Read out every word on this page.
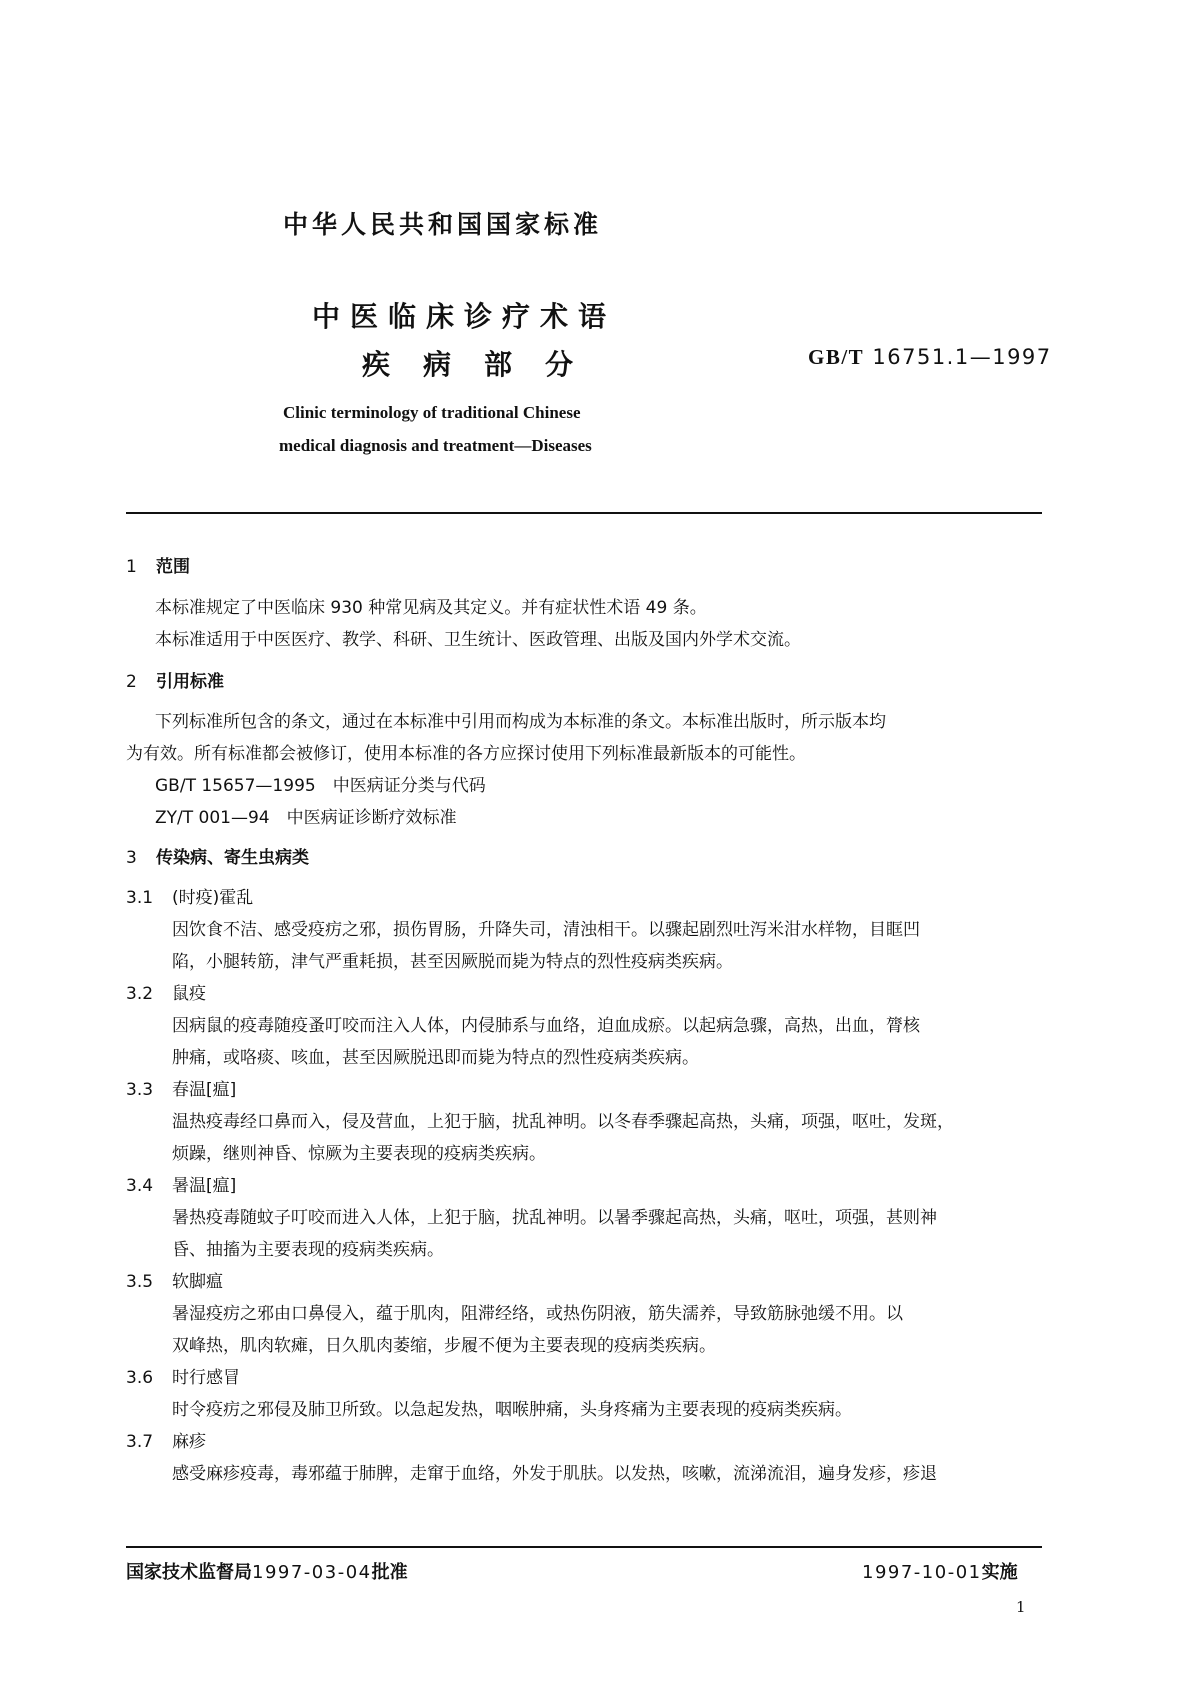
中华人民共和国国家标准
中医临床诊疗术语
疾病部分	GB/T 16751.1—1997
Clinic terminology of traditional Chinese
medical diagnosis and treatment—Diseases
1 范围
本标准规定了中医临床 930 种常见病及其定义。并有症状性术语 49 条。
本标准适用于中医医疗、教学、科研、卫生统计、医政管理、出版及国内外学术交流。
2 引用标准
下列标准所包含的条文，通过在本标准中引用而构成为本标准的条文。本标准出版时，所示版本均
为有效。所有标准都会被修订，使用本标准的各方应探讨使用下列标准最新版本的可能性。
GB/T 15657—1995　中医病证分类与代码
ZY/T 001—94　中医病证诊断疗效标准
3 传染病、寄生虫病类
3.1 (时疫)霍乱
因饮食不洁、感受疫疠之邪，损伤胃肠，升降失司，清浊相干。以骤起剧烈吐泻米泔水样物，目眶凹
陷，小腿转筋，津气严重耗损，甚至因厥脱而毙为特点的烈性疫病类疾病。
3.2 鼠疫
因病鼠的疫毒随疫蚤叮咬而注入人体，内侵肺系与血络，迫血成瘀。以起病急骤，高热，出血，膂核
肿痛，或咯痰、咳血，甚至因厥脱迅即而毙为特点的烈性疫病类疾病。
3.3 春温[瘟]
温热疫毒经口鼻而入，侵及营血，上犯于脑，扰乱神明。以冬春季骤起高热，头痛，项强，呕吐，发斑，
烦躁，继则神昏、惊厥为主要表现的疫病类疾病。
3.4 暑温[瘟]
暑热疫毒随蚊子叮咬而进入人体，上犯于脑，扰乱神明。以暑季骤起高热，头痛，呕吐，项强，甚则神
昏、抽搐为主要表现的疫病类疾病。
3.5 软脚瘟
暑湿疫疠之邪由口鼻侵入，蕴于肌肉，阻滞经络，或热伤阴液，筋失濡养，导致筋脉弛缓不用。以
双峰热，肌肉软瘫，日久肌肉萎缩，步履不便为主要表现的疫病类疾病。
3.6 时行感冒
时令疫疠之邪侵及肺卫所致。以急起发热，咽喉肿痛，头身疼痛为主要表现的疫病类疾病。
3.7 麻疹
感受麻疹疫毒，毒邪蕴于肺脾，走窜于血络，外发于肌肤。以发热，咳嗽，流涕流泪，遍身发疹，疹退
国家技术监督局1997-03-04批准	1997-10-01实施
1
